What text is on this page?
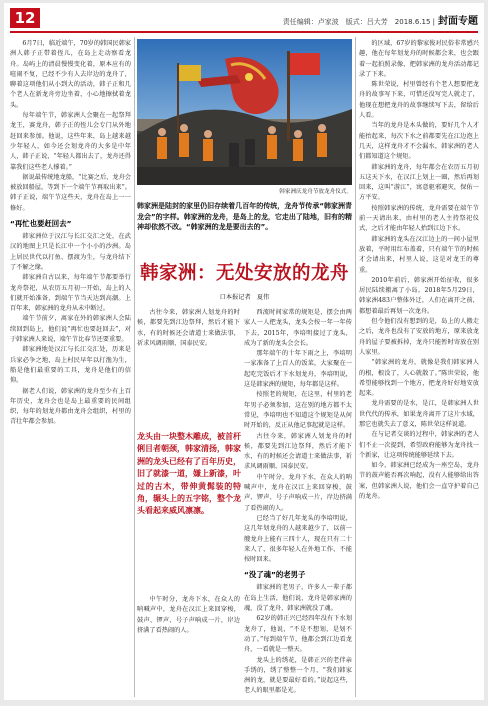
12	责任编辑：卢家波　版式：吕大芳　2018.6.15 | 封面专题

6月7日，临近端午，70岁的韩国民韩家洲人韩子正带着侄儿，在岛上走动察看龙舟。岛屿上的清晨慢慢变化着，原本应有的喧闹不复，已经不少有人去岸边的龙舟了，聊着这项他们从小到大的活动，韩子正和几个老人在新龙舟旁边坐着，小心地擦拭着龙头。

每年端午节，韩家洲人会聚在一起祭拜龙王，赛龙舟，韩子正的侄儿会专门从外地赶回来参加。他说，这些年来，岛上越来越少年轻人，如今还会划龙舟的大多是中年人，韩子正说，“年轻人都出去了，龙舟还得靠我们这些老人撑着。”

据说最传统地龙船，“比赛之后，龙舟会被放回船屋，等到下一个端午节再取出来”。韩子正说，端午节这些天，龙舟在岛上一一修好。

“再忙也要赶回去”

韩家洲位于汉江与长江交汇之处，在武汉的地图上只是长江中一个小小的沙洲。岛上居民世代以打鱼、摆渡为生，与龙舟结下了不解之缘。

韩家洲自古以来，每年端午节都要举行龙舟祭祀，从农历五月初一开始，岛上的人们就开始准备，到端午节当天达到高潮。上百年来，韩家洲的龙舟从未中断过。

端午节前夕，离家在外的韩家洲人会陆续回到岛上，他们说“再忙也要赶回去”，对于韩家洲人来说，端午节比春节还要重要。

韩家洲地处汉江与长江交汇处，历来是兵家必争之地，岛上村民早年以打渔为生，船是他们最重要的工具，龙舟是他们的信仰。

据老人们说，韩家洲的龙舟至少有上百年历史，龙舟会也是岛上最重要的民间组织，每年的划龙舟都由龙舟会组织，村里的青壮年都会参加。

韩家洲庆龙舟节放龙舟仪式。

韩家洲是陆封的家里仍旧存续着几百年的传统，龙舟节传承“韩家洲青龙会”的字样。韩家洲的龙舟，是岛上的龙，它走出了陆地，旧有的精神却依然不改。“韩家洲的龙是要出去的”。

韩家洲：无处安放的龙舟
口本报记者　夏伟

西流时间家常的规矩是，摆会由两家人一人把龙头，龙头会按一年一年传下去，2015年，李培明接过了龙头，成为了新的龙头会会长。

那年端午的十年下雨之上，李培明一家准备了上百人的饭菜，大家聚在一起吃完饭后才下水划龙舟，李培明说，这是韩家洲的规矩，每年都是这样。

按照老的规矩，在这里，村里的老年男子必须参加，这在别的地方都不太常见，李培明也不知道这个规矩是从何时开始的，反正从他记事起就是这样。

古往今来，韩家洲人划龙舟的时候，都要先到江边祭拜，然后才能下水，有的时候还会请道士来做法事，祈求风调雨顺、国泰民安。

中午时分，龙舟下水，在众人的呐喊声中，龙舟在汉江上来回穿梭，鼓声、锣声、号子声响成一片，岸边挤满了看热闹的人。

已经当了好几年龙头的李培明说，这几年划龙舟的人越来越少了，以前一艘龙舟上能有三四十人，现在只有二十来人了，很多年轻人在外地工作，不能按时回来。

“没了魂”的老男子

韩家洲的老男子，许多人一辈子都在岛上生活，他们说，龙舟是韩家洲的魂，没了龙舟，韩家洲就没了魂。

62岁的韩正兴已经四年没有下水划龙舟了，他说，“不是不想划，是划不动了。”每到端午节，他都会到江边看龙舟，一看就是一整天。

龙头上的绣花，是韩正兴的老伴亲手绣的，绣了整整一个月，“我们韩家洲的龙，就是要最好看的。”说起这些，老人的眼里都是光。

古往今来，韩家洲人划龙舟的时候，都要先到江边祭拜，然后才能下水，有的时候还会请道士来做法事，祈求风调雨顺、国泰民安。

龙头由一块整木雕成，被首杆俐目者朝颈，韩家清扬，韩家洲的龙头已经有了百年历史，旧了就漆一道，嫌上新漆，叶过的古木，带伸黄髯装的特角，辗头上的五字铭，整个龙头看起来威风凛凛。

中午时分，龙舟下水，在众人的呐喊声中，龙舟在汉江上来回穿梭，鼓声、锣声、号子声响成一片，岸边挤满了看热闹的人。

的区域，67岁的黎家俊对民俗非常感兴趣，他在每年划龙舟的时候都会来，也会跟着一起拍照录像，把韩家洲的龙舟活动都记录了下来。

陈世荣说，村里曾经有个老人想要把龙舟的故事写下来，可惜还没写完人就走了，他现在想把龙舟的故事继续写下去，留给后人看。

当年的龙舟是木头做的，要好几个人才能抬起来，每次下水之前都要先在江边泡上几天，这样龙舟才不会漏水，韩家洲的老人们都知道这个规矩。

韩家洲的龙舟，每年都会在农历五月初五这天下水，在汉江上划上一圈，然后再划回来，这叫“游江”，寓意驱邪避灾，保佑一方平安。

按照韩家洲的传统，龙舟需要在端午节前一天请出来，由村里的老人主持祭祀仪式，之后才能由年轻人抬到江边下水。

韩家洲的龙头在汉江边上的一间小屋里放着，平时用红布盖着，只有端午节的时候才会请出来，村里人说，这是对龙王的尊重。

2010年前后，韩家洲开始征收，很多居民陆续搬离了小岛，2018年5月29日，韩家洲483户整体外迁，人们在离开之前，都想着最后再划一次龙舟。

但令他们没有想到的是，岛上的人搬走之后，龙舟也没有了安放的地方，原来放龙舟的屋子要被拆掉，龙舟只能暂时寄放在别人家里。

“韩家洲的龙舟，就像是我们韩家洲人的根，根没了，人心就散了。”陈世荣说，他希望能够找到一个地方，把龙舟好好地安放起来。

龙舟需要的是水，是江，是韩家洲人世世代代的传承，如果龙舟离开了这片水域，那它也就失去了意义，陈世荣这样说道。

在与记者交谈的过程中，韩家洲的老人们不止一次提到，希望政府能够为龙舟找一个新家，让这项传统能够延续下去。

如今，韩家洲已经成为一座空岛，龙舟节的鼓声能否再次响起，没有人能够给出答案，但韩家洲人说，他们会一直守护着自己的龙舟。
